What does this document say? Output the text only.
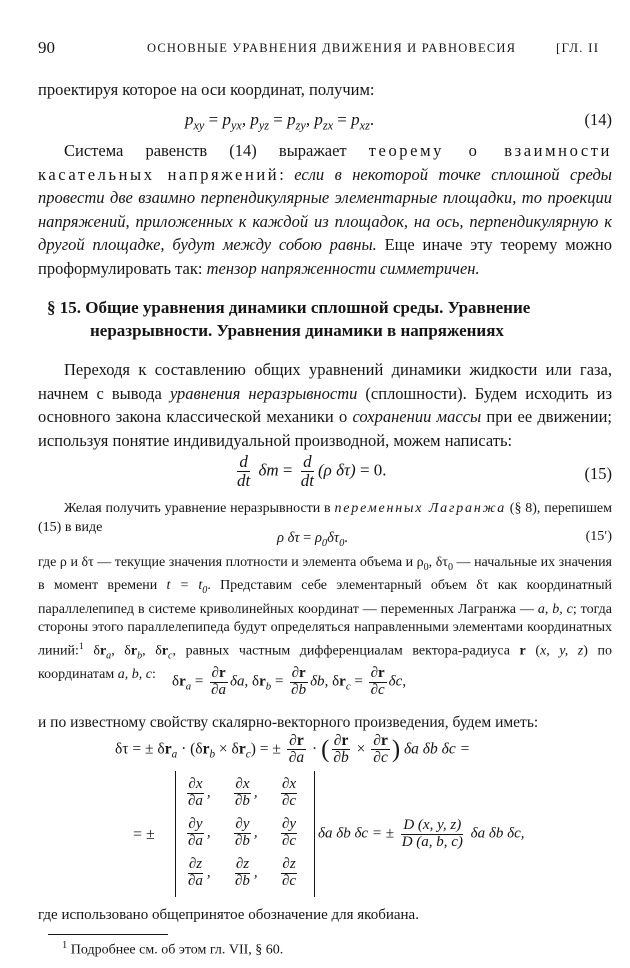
90	ОСНОВНЫЕ УРАВНЕНИЯ ДВИЖЕНИЯ И РАВНОВЕСИЯ	[ГЛ. II
проектируя которое на оси координат, получим:
$p_{xy} = p_{yx}$, $p_{yz} = p_{zy}$, $p_{zx} = p_{xz}$.	(14)
Система равенств (14) выражает теорему о взаимности касательных напряжений: если в некоторой точке сплошной среды провести две взаимно перпендикулярные элементарные площадки, то проекции напряжений, приложенных к каждой из площадок, на ось, перпендикулярную к другой площадке, будут между собою равны. Еще иначе эту теорему можно проформулировать так: тензор напряженности симметричен.
§ 15. Общие уравнения динамики сплошной среды. Уравнение
неразрывности. Уравнения динамики в напряжениях
Переходя к составлению общих уравнений динамики жидкости или газа, начнем с вывода уравнения неразрывности (сплошности). Будем исходить из основного закона классической механики о сохранении массы при ее движении; используя понятие индивидуальной производной, можем написать:
$\frac{d}{dt}$ $\delta m = \frac{d}{dt} (\rho$ δτ) = 0.	(15)
Желая получить уравнение неразрывности в переменных Лагранжа (§ 8), перепишем (15) в виде
ρ $\delta\tau = \rho_0\delta\tau_0$.	(15′)
где ρ и δτ — текущие значения плотности и элемента объема и $\rho_0$, $\delta\tau_0$ — начальные их значения в момент времени $t = t_0$. Представим себе элементарный объем δτ как координатный параллелепипед в системе криволинейных координат — переменных Лагранжа — a, b, c; тогда стороны этого параллелепипеда будут определяться направленными элементами координатных линий:$^1$ $\delta r_a$, $\delta r_b$, $\delta r_c$, равных частным дифференциалам вектора-радиуса r (x, y, z) по координатам a, b, c:	$\delta r_a = \frac{\partial r}{\partial a} \delta a$, $\delta r_b = \frac{\partial r}{\partial b} \delta b$, $\delta r_c = \frac{\partial r}{\partial c} \delta c$,
и по известному свойству скалярно-векторного произведения, будем иметь:
δτ = ± $\delta r_a \cdot (\delta r_b \times \delta r_c)$ = ± $\frac{\partial r}{\partial a}$ · ( $\frac{\partial r}{\partial b} \times \frac{\partial r}{\partial c}$ ) δa δb δc =
= ±
$\frac{\partial x}{\partial a}$ , $\frac{\partial x}{\partial b}$ , $\frac{\partial x}{\partial c}$
$\frac{\partial y}{\partial a}$ , $\frac{\partial y}{\partial b}$ , $\frac{\partial y}{\partial c}$
$\frac{\partial z}{\partial a}$ , $\frac{\partial z}{\partial b}$ , $\frac{\partial z}{\partial c}$
δa δb δc = ± $\frac{D (x, y, z)}{D (a, b, c)}$ δa δb δc,
где использовано общепринятое обозначение для якобиана.
$^1$ Подробнее см. об этом гл. VII, § 60.
